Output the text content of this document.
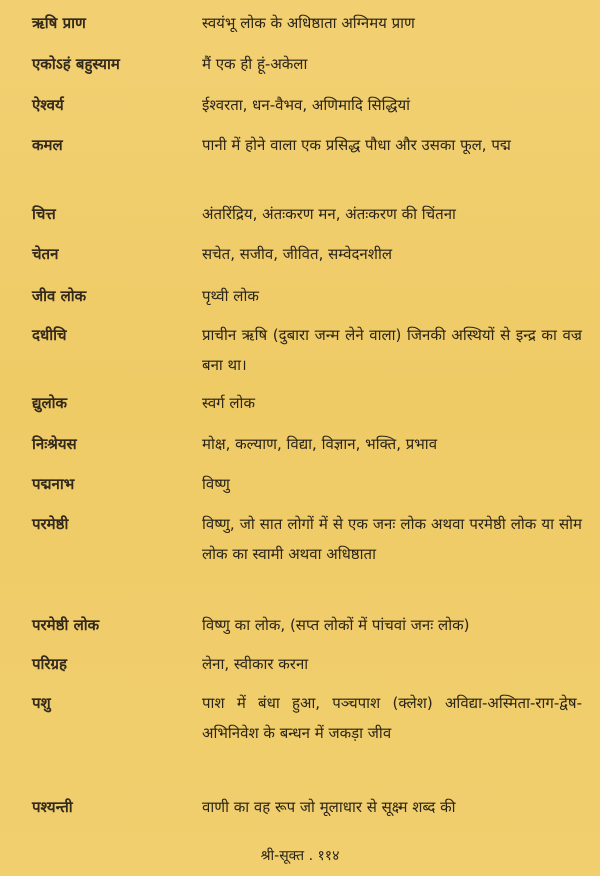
ऋषि प्राण	स्वयंभू लोक के अधिष्ठाता अग्निमय प्राण
एकोऽहं बहुस्याम	मैं एक ही हूं-अकेला
ऐश्वर्य	ईश्वरता, धन-वैभव, अणिमादि सिद्धियां
कमल	पानी में होने वाला एक प्रसिद्ध पौधा और उसका फूल, पद्म
चित्त	अंतरिंद्रिय, अंतःकरण मन, अंतःकरण की चिंतना
चेतन	सचेत, सजीव, जीवित, सम्वेदनशील
जीव लोक	पृथ्वी लोक
दधीचि	प्राचीन ऋषि (दुबारा जन्म लेने वाला) जिनकी अस्थियों से इन्द्र का वज्र बना था।
द्युलोक	स्वर्ग लोक
निःश्रेयस	मोक्ष, कल्याण, विद्या, विज्ञान, भक्ति, प्रभाव
पद्मनाभ	विष्णु
परमेष्ठी	विष्णु, जो सात लोगों में से एक जनः लोक अथवा परमेष्ठी लोक या सोम लोक का स्वामी अथवा अधिष्ठाता
परमेष्ठी लोक	विष्णु का लोक, (सप्त लोकों में पांचवां जनः लोक)
परिग्रह	लेना, स्वीकार करना
पशु	पाश में बंधा हुआ, पञ्चपाश (क्लेश) अविद्या-अस्मिता-राग-द्वेष- अभिनिवेश के बन्धन में जकड़ा जीव
पश्यन्ती	वाणी का वह रूप जो मूलाधार से सूक्ष्म शब्द की
श्री-सूक्त . ११४
